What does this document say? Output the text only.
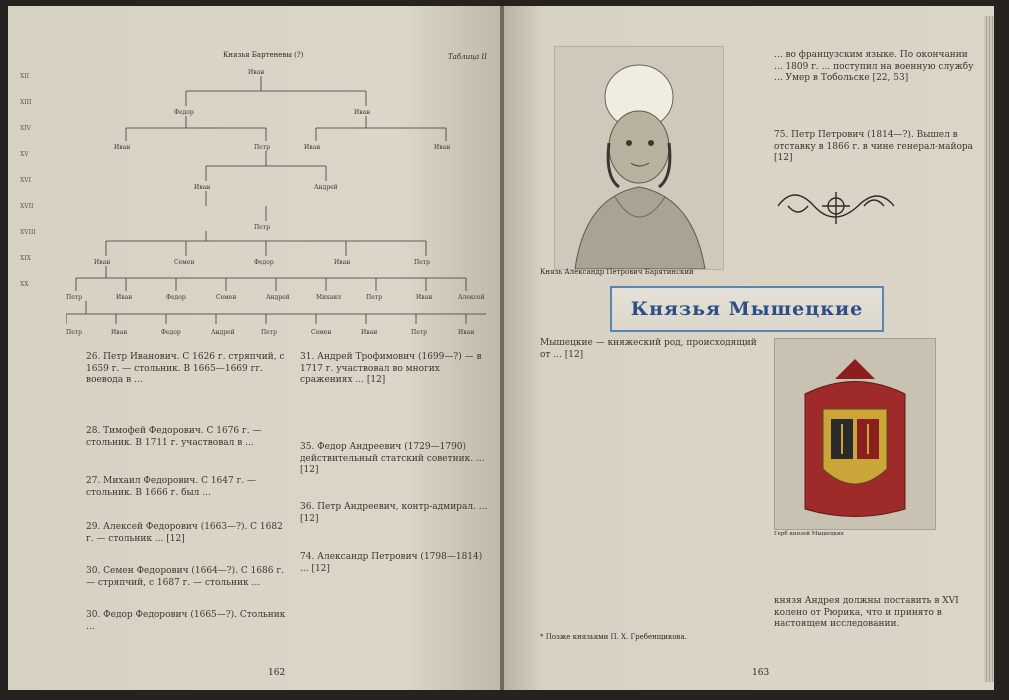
Князья Бартеневы (?)	Таблица II
XII
XIII
XIV
XV
XVI
XVII
XVIII
XIX
XX
Иван
Федор	Иван
Иван	Петр	Иван	Иван
Иван	Андрей
Петр
Иван	Семен	Федор	Иван	Петр
Петр	Иван	Федор	Семен	Андрей	Михаил	Петр	Иван	Алексей
Петр	Иван	Федор	Андрей	Петр	Семен	Иван	Петр	Иван
26. Петр Иванович. С 1626 г. стряпчий, с 1659 г. — стольник. В 1665—1669 гг. воевода в ...
28. Тимофей Федорович. С 1676 г. — стольник. В 1711 г. участвовал в ...
27. Михаил Федорович. С 1647 г. — стольник. В 1666 г. был ...
29. Алексей Федорович (1663—?). С 1682 г. — стольник ... [12]
30. Семен Федорович (1664—?). С 1686 г. — стряпчий, с 1687 г. — стольник ...
30. Федор Федорович (1665—?). Стольник ...
31. Андрей Трофимович (1699—?) — в 1717 г. участвовал во многих сражениях ... [12]
35. Федор Андреевич (1729—1790) действительный статский советник. ... [12]
36. Петр Андреевич, контр-адмирал. ... [12]
74. Александр Петрович (1798—1814) ... [12]
162
Князь Александр Петрович Барятинский
... во французским языке. По окончании ... 1809 г. ... поступил на военную службу ... Умер в Тобольске [22, 53]
75. Петр Петрович (1814—?). Вышел в отставку в 1866 г. в чине генерал-майора [12]
Князья Мышецкие
Мышецкие — княжеский род, происходящий от ... [12]
* Позже князьями П. Х. Гребенщикова.
Герб князей Мышецких
князя Андрея должны поставить в XVI колено от Рюрика, что и принято в настоящем исследовании.
163
